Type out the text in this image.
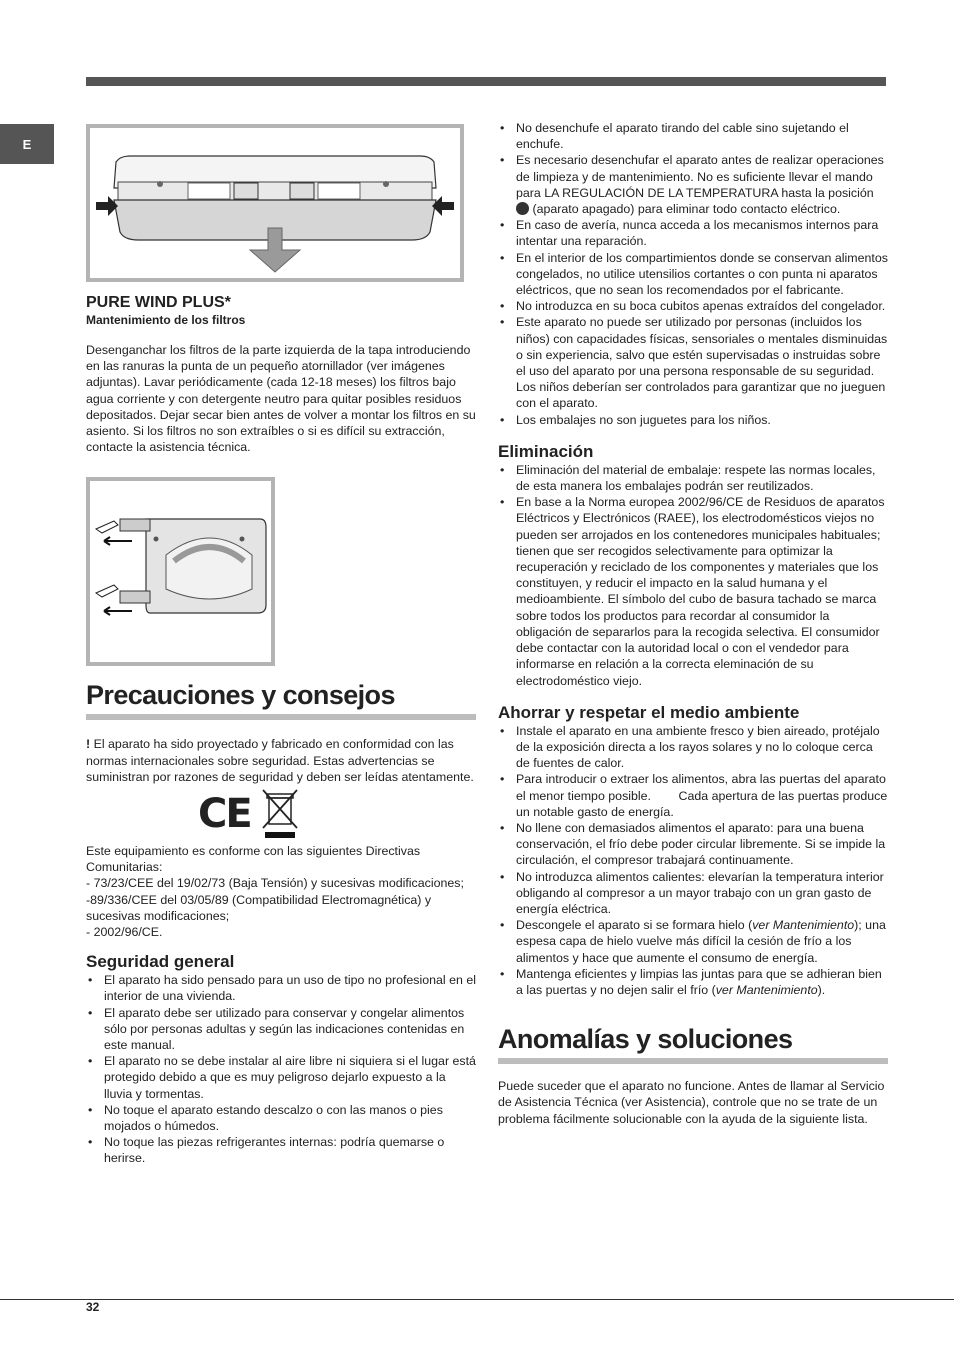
E
PURE WIND PLUS*
Mantenimiento de los filtros

Desenganchar los filtros de la parte izquierda de la tapa introduciendo en las ranuras la punta de un pequeño atornillador (ver imágenes adjuntas). Lavar periódicamente (cada 12-18 meses) los filtros bajo agua corriente y con detergente neutro para quitar posibles residuos depositados. Dejar secar bien antes de volver a montar los filtros en su asiento. Si los filtros no son extraíbles o si es difícil su extracción, contacte la asistencia técnica.

Precauciones y consejos

! El aparato ha sido proyectado y fabricado en conformidad con las normas internacionales sobre seguridad. Estas advertencias se suministran por razones de seguridad y deben ser leídas atentamente.

CE

Este equipamiento es conforme con las siguientes Directivas Comunitarias:

- 73/23/CEE del 19/02/73 (Baja Tensión) y sucesivas modificaciones;

-89/336/CEE del 03/05/89 (Compatibilidad Electromagnética) y sucesivas modificaciones;

- 2002/96/CE.

Seguridad general
• El aparato ha sido pensado para un uso de tipo no profesional en el interior de una vivienda.
• El aparato debe ser utilizado para conservar y congelar alimentos sólo por personas adultas y según las indicaciones contenidas en este manual.
• El aparato no se debe instalar al aire libre ni siquiera si el lugar está protegido debido a que es muy peligroso dejarlo expuesto a la lluvia y tormentas.
• No toque el aparato estando descalzo o con las manos o pies mojados o húmedos.
• No toque las piezas refrigerantes internas: podría quemarse o herirse.
• No desenchufe el aparato tirando del cable sino sujetando el enchufe.
• Es necesario desenchufar el aparato antes de realizar operaciones de limpieza y de mantenimiento. No es suficiente llevar el mando para LA REGULACIÓN DE LA TEMPERATURA hasta la posición  (aparato apagado) para eliminar todo contacto eléctrico.
• En caso de avería, nunca acceda a los mecanismos internos para intentar una reparación.
• En el interior de los compartimientos donde se conservan alimentos congelados, no utilice utensilios cortantes o con punta ni aparatos eléctricos, que no sean los recomendados por el fabricante.
• No introduzca en su boca cubitos apenas extraídos del congelador.
• Este aparato no puede ser utilizado por personas (incluidos los niños) con capacidades físicas, sensoriales o mentales disminuidas o sin experiencia, salvo que estén supervisadas o instruidas sobre el uso del aparato por una persona responsable de su seguridad. Los niños deberían ser controlados para garantizar que no jueguen con el aparato.
• Los embalajes no son juguetes para los niños.
Eliminación
• Eliminación del material de embalaje: respete las normas locales, de esta manera los embalajes podrán ser reutilizados.
• En base a la Norma europea 2002/96/CE de Residuos de aparatos Eléctricos y Electrónicos (RAEE), los electrodomésticos viejos no pueden ser arrojados en los contenedores municipales habituales; tienen que ser recogidos selectivamente para optimizar la recuperación y reciclado de los componentes y materiales que los constituyen, y reducir el impacto en la salud humana y el medioambiente. El símbolo del cubo de basura tachado se marca sobre todos los productos para recordar al consumidor la obligación de separarlos para la recogida selectiva. El consumidor debe contactar con la autoridad local o con el vendedor para informarse en relación a la correcta eleminación de su electrodoméstico viejo.
Ahorrar y respetar el medio ambiente
• Instale el aparato en una ambiente fresco y bien aireado, protéjalo de la exposición directa a los rayos solares y no lo coloque cerca de fuentes de calor.
• Para introducir o extraer los alimentos, abra las puertas del aparato el menor tiempo posible.        Cada apertura de las puertas produce un notable gasto de energía.
• No llene con demasiados alimentos el aparato: para una buena conservación, el frío debe poder circular libremente. Si se impide la circulación, el compresor trabajará continuamente.
• No introduzca alimentos calientes: elevarían la temperatura interior obligando al compresor a un mayor trabajo con un gran gasto de energía eléctrica.
• Descongele el aparato si se formara hielo (ver Mantenimiento); una espesa capa de hielo vuelve más difícil la cesión de frío a los alimentos y hace que aumente el consumo de energía.
• Mantenga eficientes y limpias las juntas para que se adhieran bien a las puertas y no dejen salir el frío (ver Mantenimiento).
Anomalías y soluciones

Puede suceder que el aparato no funcione. Antes de llamar al Servicio de Asistencia Técnica (ver Asistencia), controle que no se trate de un problema fácilmente solucionable con la ayuda de la siguiente lista.

32
